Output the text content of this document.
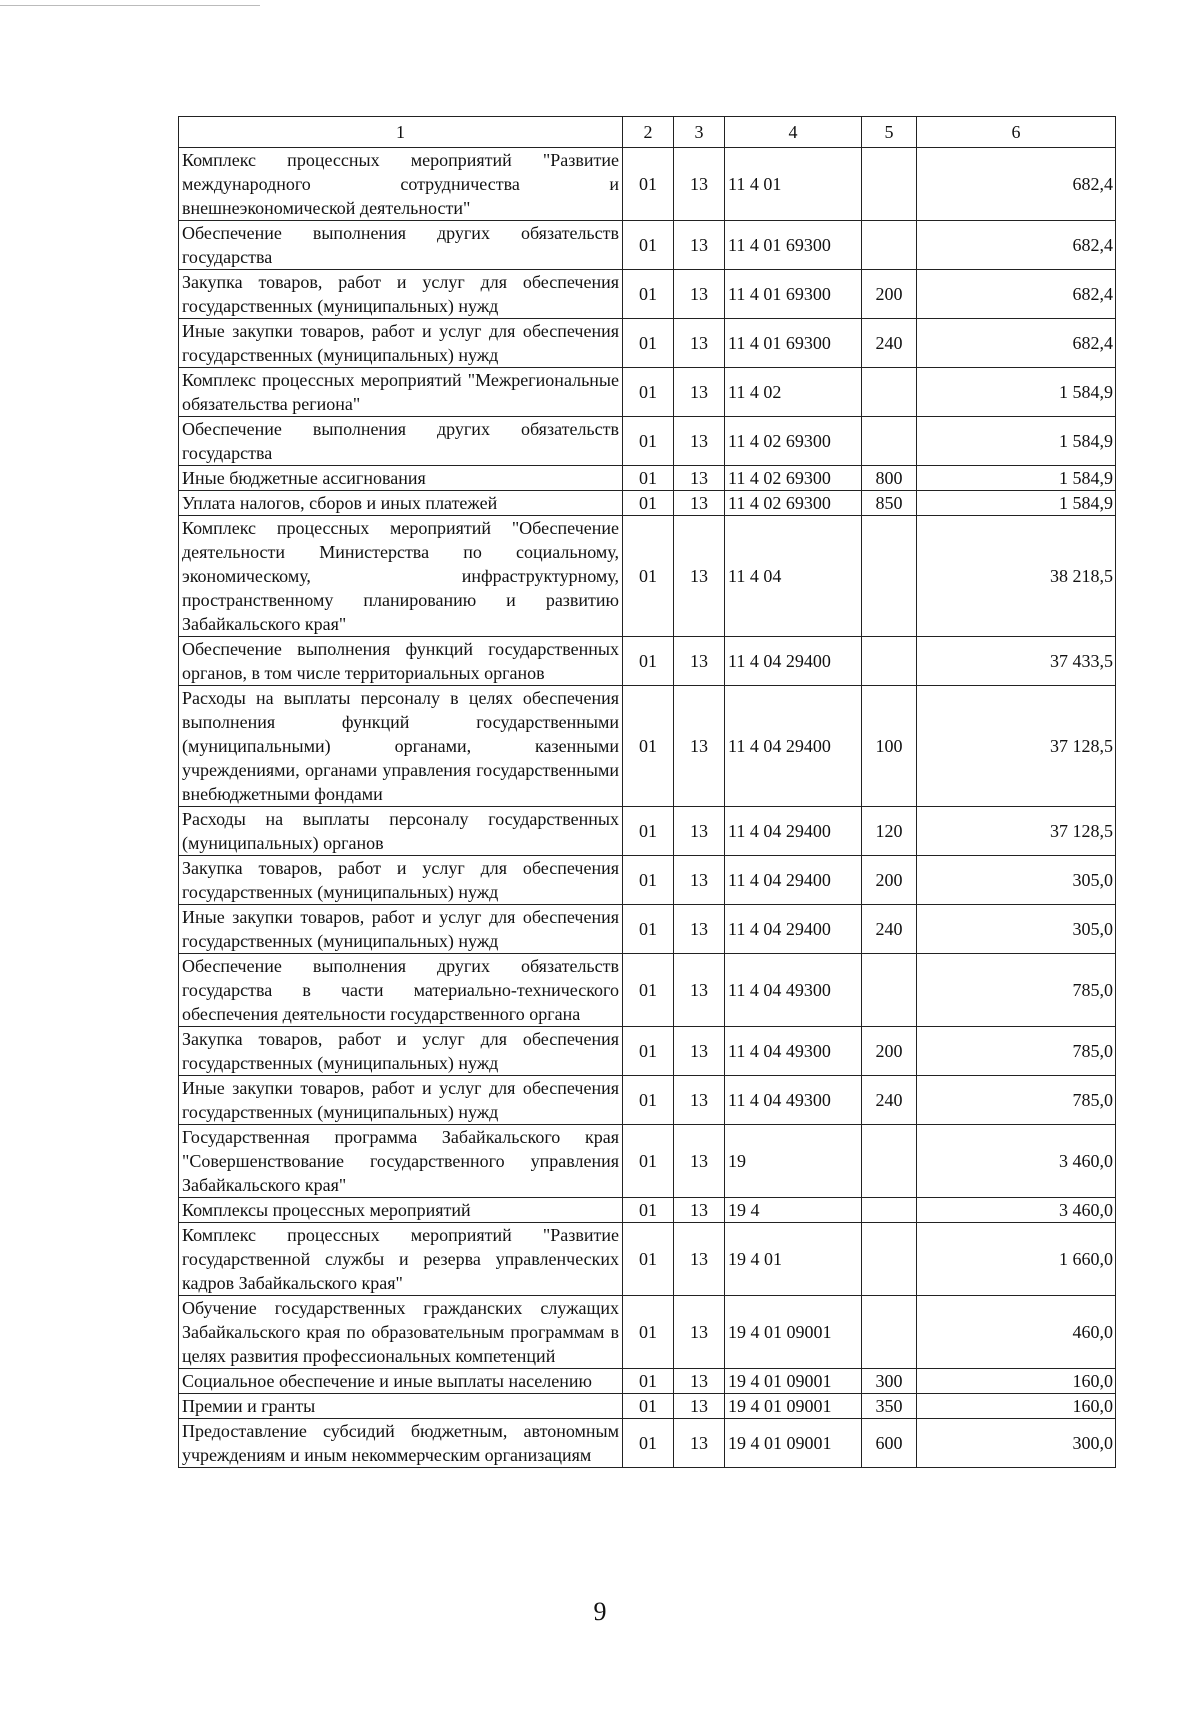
1	2	3	4	5	6
Комплекс процессных мероприятий "Развитие международного сотрудничества и внешнеэкономической деятельности"	01	13	11 4 01		682,4
Обеспечение выполнения других обязательств государства	01	13	11 4 01 69300		682,4
Закупка товаров, работ и услуг для обеспечения государственных (муниципальных) нужд	01	13	11 4 01 69300	200	682,4
Иные закупки товаров, работ и услуг для обеспечения государственных (муниципальных) нужд	01	13	11 4 01 69300	240	682,4
Комплекс процессных мероприятий "Межрегиональные обязательства региона"	01	13	11 4 02		1 584,9
Обеспечение выполнения других обязательств государства	01	13	11 4 02 69300		1 584,9
Иные бюджетные ассигнования	01	13	11 4 02 69300	800	1 584,9
Уплата налогов, сборов и иных платежей	01	13	11 4 02 69300	850	1 584,9
Комплекс процессных мероприятий "Обеспечение деятельности Министерства по социальному, экономическому, инфраструктурному, пространственному планированию и развитию Забайкальского края"	01	13	11 4 04		38 218,5
Обеспечение выполнения функций государственных органов, в том числе территориальных органов	01	13	11 4 04 29400		37 433,5
Расходы на выплаты персоналу в целях обеспечения выполнения функций государственными (муниципальными) органами, казенными учреждениями, органами управления государственными внебюджетными фондами	01	13	11 4 04 29400	100	37 128,5
Расходы на выплаты персоналу государственных (муниципальных) органов	01	13	11 4 04 29400	120	37 128,5
Закупка товаров, работ и услуг для обеспечения государственных (муниципальных) нужд	01	13	11 4 04 29400	200	305,0
Иные закупки товаров, работ и услуг для обеспечения государственных (муниципальных) нужд	01	13	11 4 04 29400	240	305,0
Обеспечение выполнения других обязательств государства в части материально-технического обеспечения деятельности государственного органа	01	13	11 4 04 49300		785,0
Закупка товаров, работ и услуг для обеспечения государственных (муниципальных) нужд	01	13	11 4 04 49300	200	785,0
Иные закупки товаров, работ и услуг для обеспечения государственных (муниципальных) нужд	01	13	11 4 04 49300	240	785,0
Государственная программа Забайкальского края "Совершенствование государственного управления Забайкальского края"	01	13	19		3 460,0
Комплексы процессных мероприятий	01	13	19 4		3 460,0
Комплекс процессных мероприятий "Развитие государственной службы и резерва управленческих кадров Забайкальского края"	01	13	19 4 01		1 660,0
Обучение государственных гражданских служащих Забайкальского края по образовательным программам в целях развития профессиональных компетенций	01	13	19 4 01 09001		460,0
Социальное обеспечение и иные выплаты населению	01	13	19 4 01 09001	300	160,0
Премии и гранты	01	13	19 4 01 09001	350	160,0
Предоставление субсидий бюджетным, автономным учреждениям и иным некоммерческим организациям	01	13	19 4 01 09001	600	300,0
9
